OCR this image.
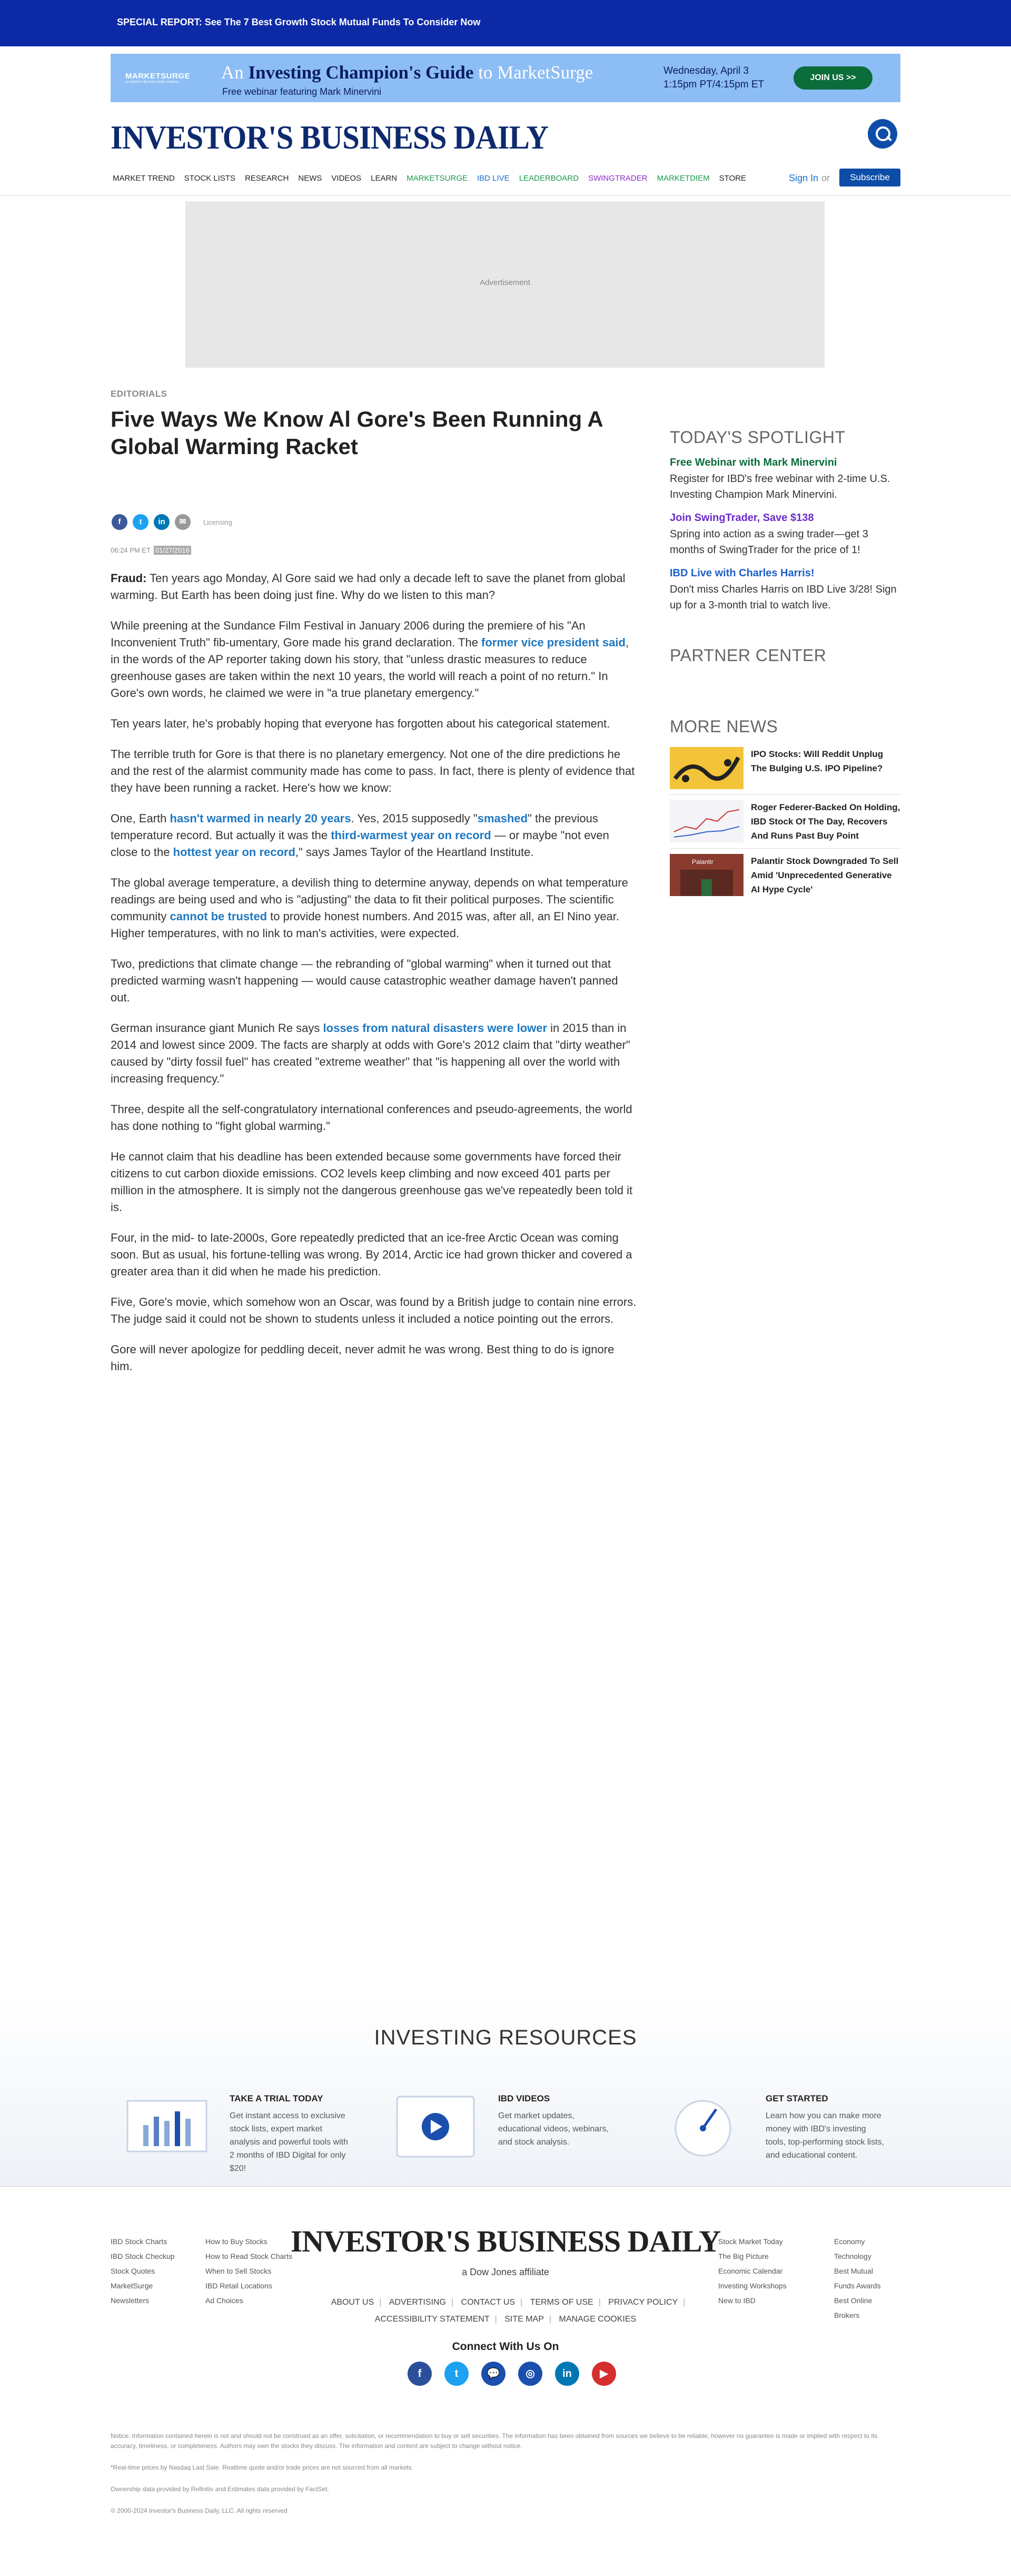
SPECIAL REPORT: See The 7 Best Growth Stock Mutual Funds To Consider Now
MARKETSURGE
an Investor's Business Daily company	An Investing Champion's Guide to MarketSurge
Free webinar featuring Mark Minervini
Wednesday, April 3
1:15pm PT/4:15pm ET
JOIN US >>
INVESTOR'S BUSINESS DAILY
MARKET TREND STOCK LISTS RESEARCH NEWS VIDEOS LEARN MARKETSURGE IBD LIVE LEADERBOARD SWINGTRADER MARKETDIEM STORE	Sign In or	Subscribe
Advertisement
EDITORIALS
Five Ways We Know Al Gore's Been Running A Global Warming Racket
f	t	in	✉	Licensing
06:24 PM ET 01/27/2016

Fraud: Ten years ago Monday, Al Gore said we had only a decade left to save the planet from global warming. But Earth has been doing just fine. Why do we listen to this man?

While preening at the Sundance Film Festival in January 2006 during the premiere of his "An Inconvenient Truth" fib-umentary, Gore made his grand declaration. The former vice president said, in the words of the AP reporter taking down his story, that "unless drastic measures to reduce greenhouse gases are taken within the next 10 years, the world will reach a point of no return." In Gore's own words, he claimed we were in "a true planetary emergency."

Ten years later, he's probably hoping that everyone has forgotten about his categorical statement.

The terrible truth for Gore is that there is no planetary emergency. Not one of the dire predictions he and the rest of the alarmist community made has come to pass. In fact, there is plenty of evidence that they have been running a racket. Here's how we know:

One, Earth hasn't warmed in nearly 20 years. Yes, 2015 supposedly "smashed" the previous temperature record. But actually it was the third-warmest year on record — or maybe "not even close to the hottest year on record," says James Taylor of the Heartland Institute.

The global average temperature, a devilish thing to determine anyway, depends on what temperature readings are being used and who is "adjusting" the data to fit their political purposes. The scientific community cannot be trusted to provide honest numbers. And 2015 was, after all, an El Nino year. Higher temperatures, with no link to man's activities, were expected.

Two, predictions that climate change — the rebranding of "global warming" when it turned out that predicted warming wasn't happening — would cause catastrophic weather damage haven't panned out.

German insurance giant Munich Re says losses from natural disasters were lower in 2015 than in 2014 and lowest since 2009. The facts are sharply at odds with Gore's 2012 claim that "dirty weather" caused by "dirty fossil fuel" has created "extreme weather" that "is happening all over the world with increasing frequency."

Three, despite all the self-congratulatory international conferences and pseudo-agreements, the world has done nothing to "fight global warming."

He cannot claim that his deadline has been extended because some governments have forced their citizens to cut carbon dioxide emissions. CO2 levels keep climbing and now exceed 401 parts per million in the atmosphere. It is simply not the dangerous greenhouse gas we've repeatedly been told it is.

Four, in the mid- to late-2000s, Gore repeatedly predicted that an ice-free Arctic Ocean was coming soon. But as usual, his fortune-telling was wrong. By 2014, Arctic ice had grown thicker and covered a greater area than it did when he made his prediction.

Five, Gore's movie, which somehow won an Oscar, was found by a British judge to contain nine errors. The judge said it could not be shown to students unless it included a notice pointing out the errors.

Gore will never apologize for peddling deceit, never admit he was wrong. Best thing to do is ignore him.

TODAY'S SPOTLIGHT
Free Webinar with Mark Minervini
Register for IBD's free webinar with 2-time U.S. Investing Champion Mark Minervini.
Join SwingTrader, Save $138
Spring into action as a swing trader—get 3 months of SwingTrader for the price of 1!
IBD Live with Charles Harris!
Don't miss Charles Harris on IBD Live 3/28! Sign up for a 3-month trial to watch live.
PARTNER CENTER
MORE NEWS
IPO Stocks: Will Reddit Unplug The Bulging U.S. IPO Pipeline?
Roger Federer-Backed On Holding, IBD Stock Of The Day, Recovers And Runs Past Buy Point
Palantir	Palantir Stock Downgraded To Sell Amid 'Unprecedented Generative AI Hype Cycle'
INVESTING RESOURCES
TAKE A TRIAL TODAY
Get instant access to exclusive stock lists, expert market analysis and powerful tools with 2 months of IBD Digital for only $20!
IBD VIDEOS
Get market updates, educational videos, webinars, and stock analysis.
GET STARTED
Learn how you can make more money with IBD's investing tools, top-performing stock lists, and educational content.
IBD Stock Charts
IBD Stock Checkup
Stock Quotes
MarketSurge
Newsletters
How to Buy Stocks
How to Read Stock Charts
When to Sell Stocks
IBD Retail Locations
Ad Choices
Stock Market Today
The Big Picture
Economic Calendar
Investing Workshops
New to IBD
Economy
Technology
Best Mutual Funds Awards
Best Online Brokers
INVESTOR'S BUSINESS DAILY
a Dow Jones affiliate
ABOUT US | ADVERTISING | CONTACT US | TERMS OF USE | PRIVACY POLICY |
ACCESSIBILITY STATEMENT | SITE MAP | MANAGE COOKIES
Connect With Us On
f	t	💬	◎	in	▶

Notice: Information contained herein is not and should not be construed as an offer, solicitation, or recommendation to buy or sell securities. The information has been obtained from sources we believe to be reliable; however no guarantee is made or implied with respect to its accuracy, timeliness, or completeness. Authors may own the stocks they discuss. The information and content are subject to change without notice.

*Real-time prices by Nasdaq Last Sale. Realtime quote and/or trade prices are not sourced from all markets.

Ownership data provided by Refinitiv and Estimates data provided by FactSet.

© 2000-2024 Investor's Business Daily, LLC. All rights reserved
